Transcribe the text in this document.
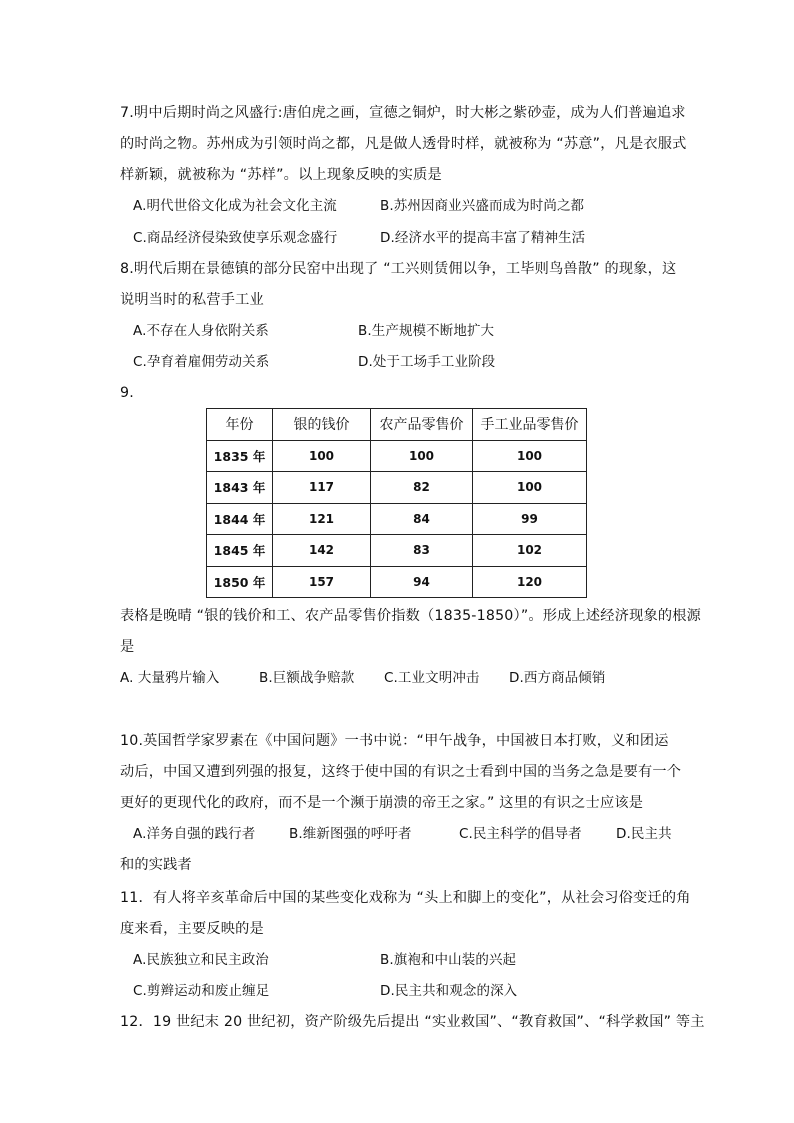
7.明中后期时尚之风盛行:唐伯虎之画，宣德之铜炉，时大彬之紫砂壶，成为人们普遍追求
的时尚之物。苏州成为引领时尚之都，凡是做人透骨时样，就被称为 “苏意”，凡是衣服式
样新颖，就被称为 “苏样”。以上现象反映的实质是
A.明代世俗文化成为社会文化主流	B.苏州因商业兴盛而成为时尚之都
C.商品经济侵染致使享乐观念盛行	D.经济水平的提高丰富了精神生活
8.明代后期在景德镇的部分民窑中出现了 “工兴则赁佣以争，工毕则鸟兽散” 的现象，这
说明当时的私营手工业
A.不存在人身依附关系	B.生产规模不断地扩大
C.孕育着雇佣劳动关系	D.处于工场手工业阶段
9.
年份	银的钱价	农产品零售价	手工业品零售价
1835 年	100	100	100
1843 年	117	82	100
1844 年	121	84	99
1845 年	142	83	102
1850 年	157	94	120
表格是晚晴 “银的钱价和工、农产品零售价指数（1835-1850）”。形成上述经济现象的根源
是
A. 大量鸦片输入	B.巨额战争赔款 C.工业文明冲击 D.西方商品倾销
10.英国哲学家罗素在《中国问题》一书中说：“甲午战争，中国被日本打败，义和团运
动后，中国又遭到列强的报复，这终于使中国的有识之士看到中国的当务之急是要有一个
更好的更现代化的政府，而不是一个濒于崩溃的帝王之家。” 这里的有识之士应该是
A.洋务自强的践行者 B.维新图强的呼吁者	C.民主科学的倡导者	D.民主共
和的实践者
11．有人将辛亥革命后中国的某些变化戏称为 “头上和脚上的变化”，从社会习俗变迁的角
度来看，主要反映的是
A.民族独立和民主政治	B.旗袍和中山装的兴起
C.剪辫运动和废止缠足	D.民主共和观念的深入
12．19 世纪末 20 世纪初，资产阶级先后提出 “实业救国”、“教育救国”、“科学救国” 等主
